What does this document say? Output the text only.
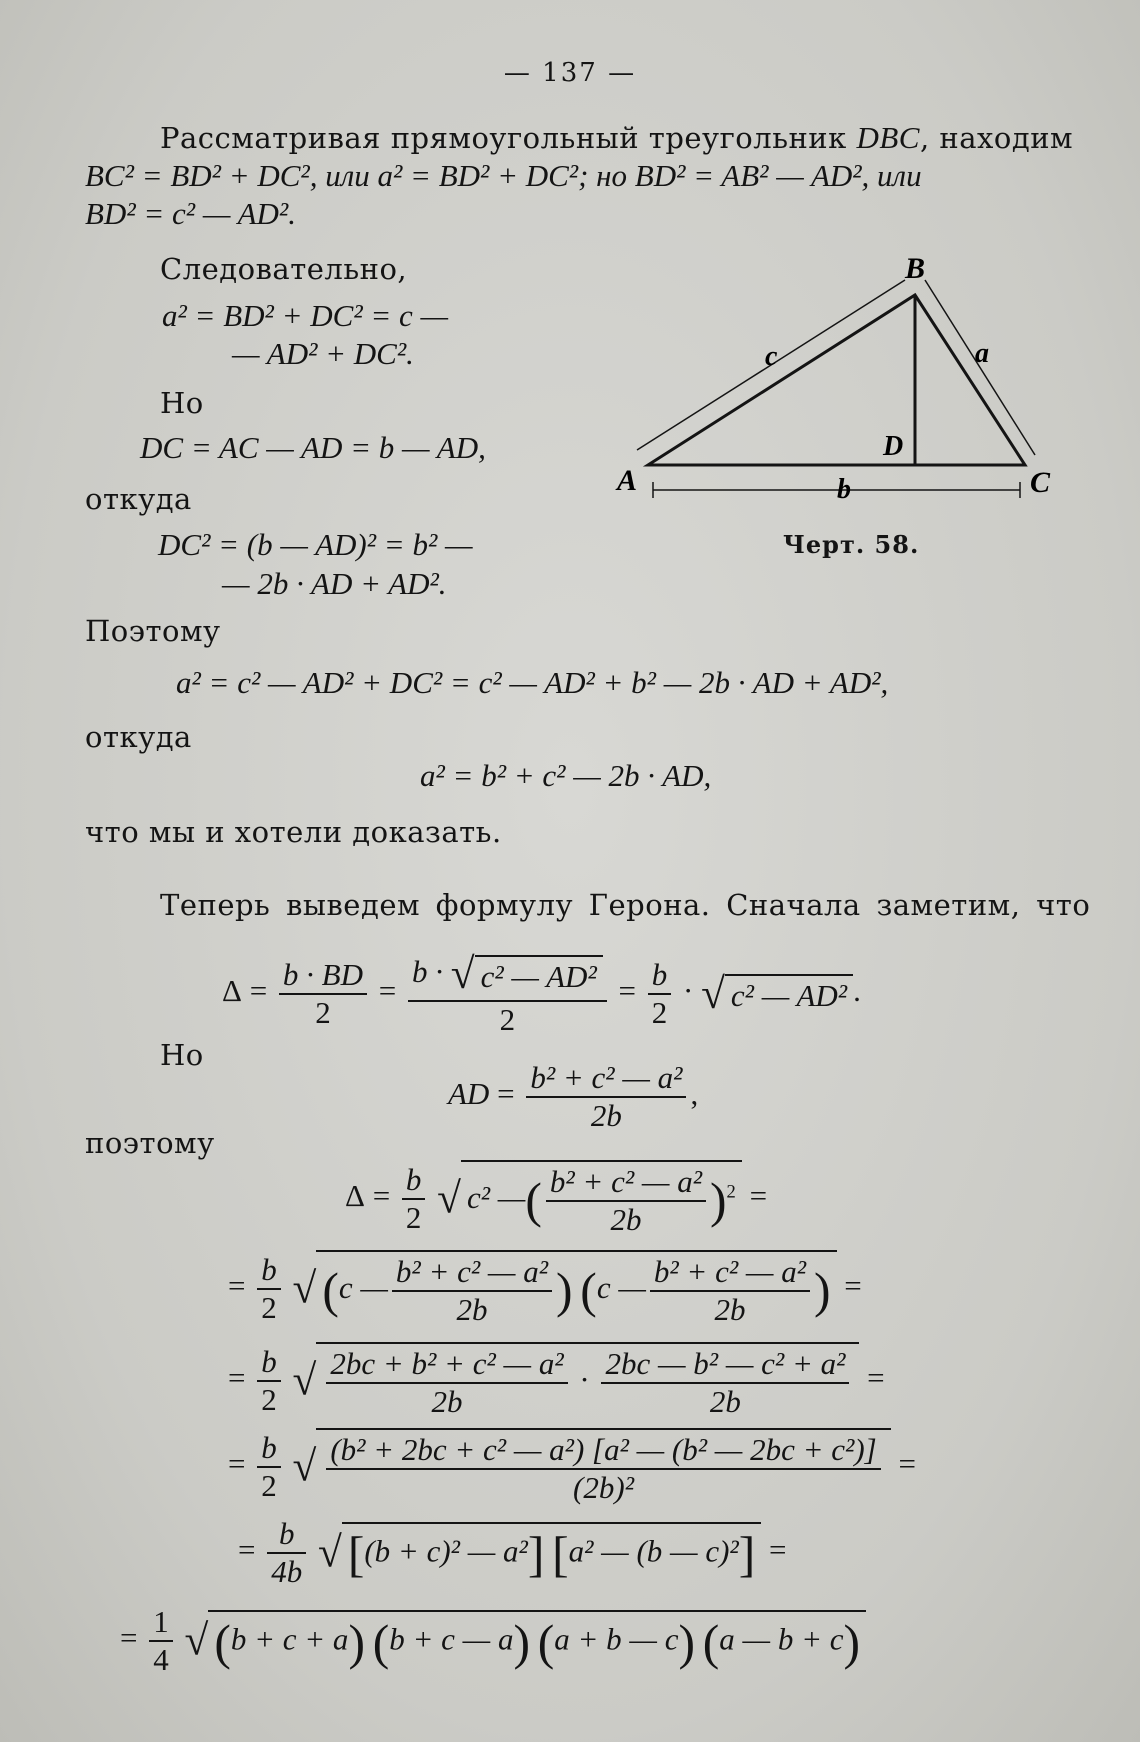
— 137 —
Рассматривая прямоугольный треугольник DBC, находим
BC² = BD² + DC², или a² = BD² + DC²; но BD² = AB² — AD², или
BD² = c² — AD².
Следовательно,
a² = BD² + DC² = c —
— AD² + DC².
Но
DC = AC — AD = b — AD,
откуда
DC² = (b — AD)² = b² —
— 2b · AD + AD².
A
B
C
D
c	a
b
Черт. 58.
Поэтому
a² = c² — AD² + DC² = c² — AD² + b² — 2b · AD + AD²,
откуда
a² = b² + c² — 2b · AD,
что мы и хотели доказать.
Теперь выведем формулу Герона. Сначала заметим, что
$\Delta = \frac{b \cdot BD}{2} = \frac{\text{b · √ c² — AD²}}{2} = \frac{b}{2}$ · √ c² — AD² .
Но
AD = $\frac{\text{b² + c² — a²}}{2b}$ ,
поэтому
$\Delta = \frac{b}{2}$ √ c² —( $\frac{\text{b² + c² — a²}}{2b} )^2$ =
= $\frac{b}{2}$ √ (c — $\frac{\text{b² + c² — a²}}{2b}$ ) (c — $\frac{\text{b² + c² — a²}}{2b}$ ) =
= $\frac{b}{2}$ √ $\frac{\text{2bc + b² + c² — a²}}{2b} \cdot \frac{\text{2bc — b² — c² + a²}}{2b}$ =
= $\frac{b}{2}$ √ $\frac{\text{(b² + 2bc + c² — a²) [a² — (b² — 2bc + c²)]}}{\text{(2b)²}}$ =
= $\frac{b}{4b}$ √ [(b + c)² — a²] [a² — (b — c)²] =
= $\frac{1}{4}$ √ (b + c + a) (b + c — a) (a + b — c) (a — b + c)
